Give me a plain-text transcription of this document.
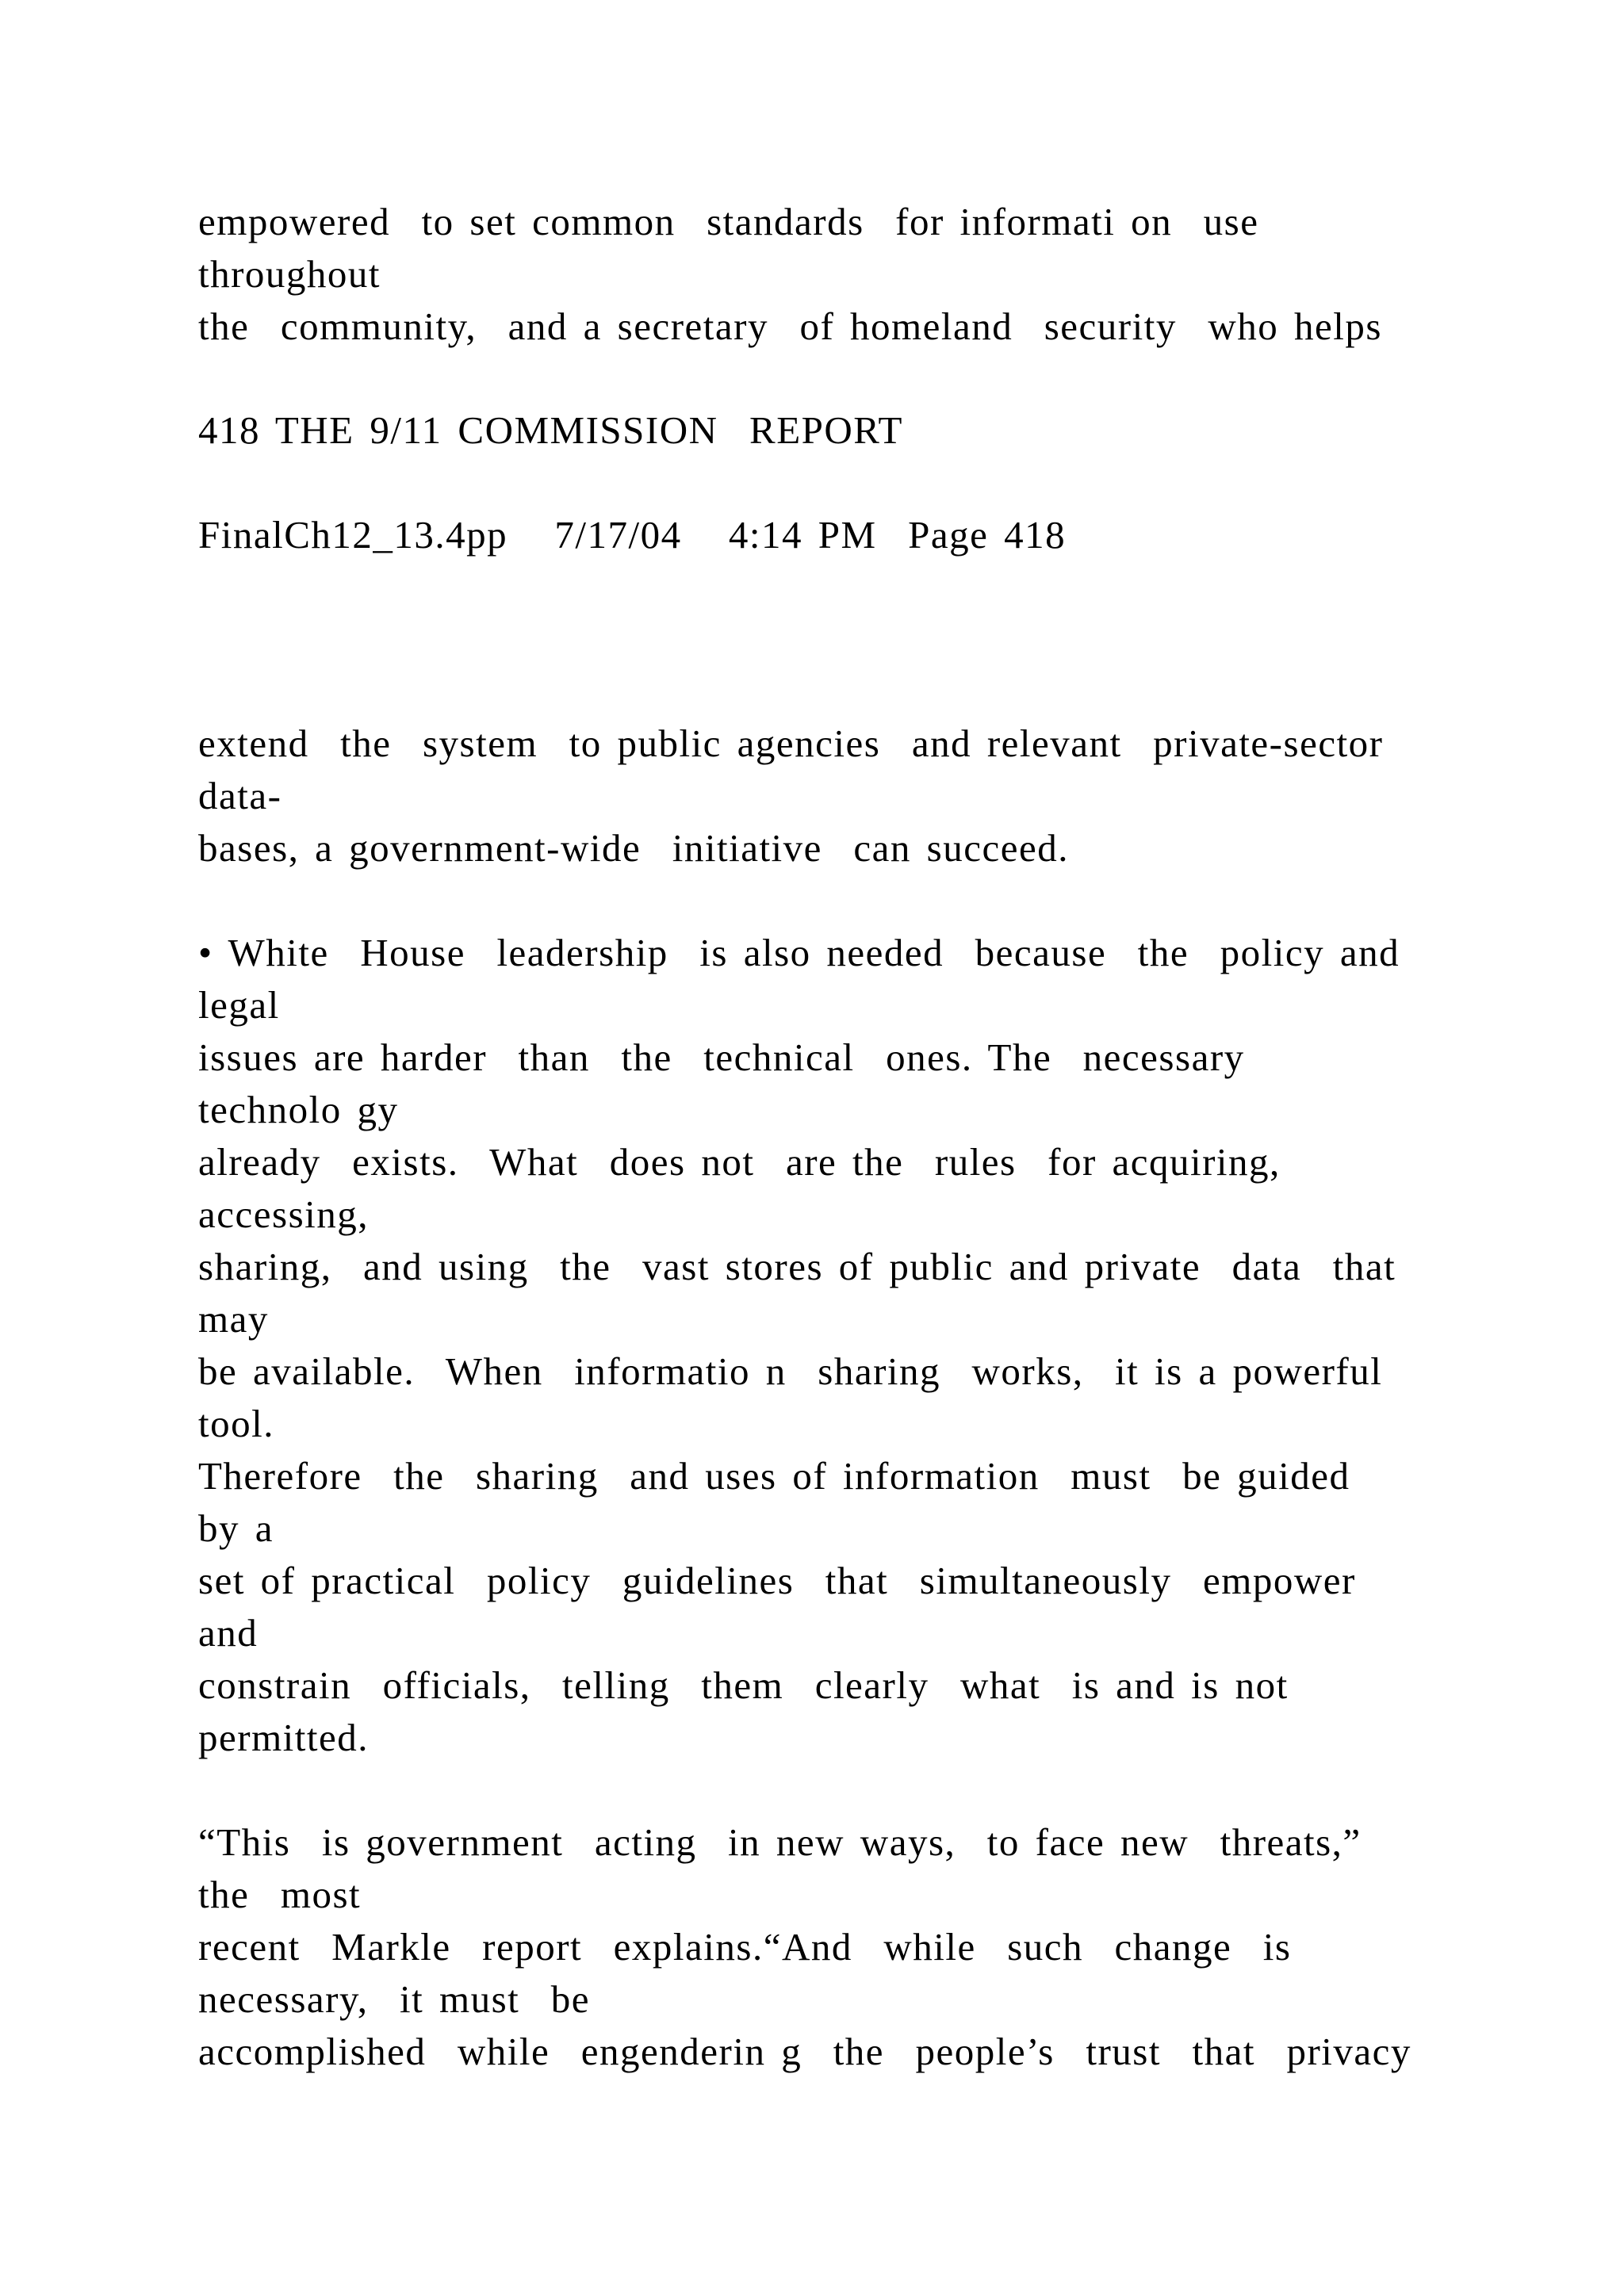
empowered  to set common  standards  for informati on  use

throughout

the  community,  and a secretary  of homeland  security  who helps

418 THE 9/11 COMMISSION  REPORT

FinalCh12_13.4pp   7/17/04   4:14 PM  Page 418

extend  the  system  to public agencies  and relevant  private-sector

data-

bases, a government-wide  initiative  can succeed.

• White  House  leadership  is also needed  because  the  policy and

legal

issues are harder  than  the  technical  ones. The  necessary

technolo gy

already  exists.  What  does not  are the  rules  for acquiring,

accessing,

sharing,  and using  the  vast stores of public and private  data  that

may

be available.  When  informatio n  sharing  works,  it is a powerful

tool.

Therefore  the  sharing  and uses of information  must  be guided

by a

set of practical  policy  guidelines  that  simultaneously  empower

and

constrain  officials,  telling  them  clearly  what  is and is not

permitted.

“This  is government  acting  in new ways,  to face new  threats,”

the  most

recent  Markle  report  explains.“And  while  such  change  is

necessary,  it must  be

accomplished  while  engenderin g  the  people’s  trust  that  privacy
